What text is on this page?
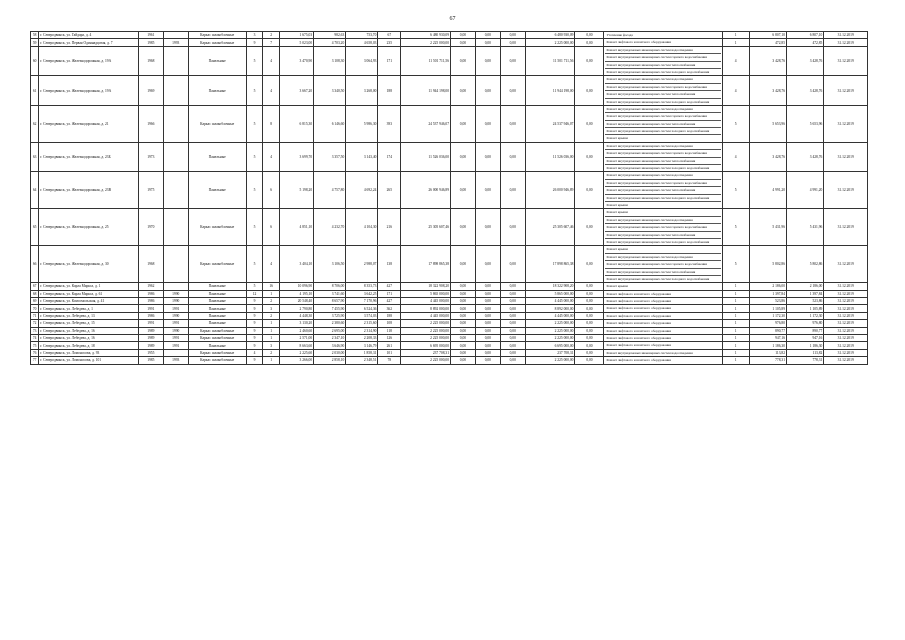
67
58	г. Северодвинск, ул. Гайдара, д. 4	1961		Каркас шлакоблочные	3	2	1 675,03	982,63	753,70	67	6 480 930,09	0,00	0,00	0,00	6 480 930,09	0,00	Утепление фасада	1	6 807,10	6 807,10	31.12.2019
59	г. Северодвинск, ул. Первая Одиннадцатая, д. 7	1985	1993	Каркас шлакоблочные	9	7	5 023,00	4 703,20	4 658,03	235	2 225 000,00	0,00	0,00	0,00	2 225 000,00	0,00	Ремонт лифтового и шахтного оборудования	1	472,85	472,85	31.12.2019
60	г. Северодвинск, ул. Железнодорожная, д. 19А	1968		Панельные	5	4	3 470,90	3 108,30	3 064,93	171	11 501 711,56	0,00	0,00	0,00	11 501 711,56	0,00	Ремонт внутридомовых инженерных систем водоотведения
Ремонт внутридомовых инженерных систем горячего водоснабжения
Ремонт внутридомовых инженерных систем теплоснабжения
Ремонт внутридомовых инженерных систем холодного водоснабжения	4	3 428,76	3 428,76	31.12.2019
61	г. Северодвинск, ул. Железнодорожная, д. 19А	1969		Панельные	5	4	3 667,20	3 340,50	3 268,00	188	11 944 198,00	0,00	0,00	0,00	11 944 198,00	0,00	Ремонт внутридомовых инженерных систем водоотведения
Ремонт внутридомовых инженерных систем горячего водоснабжения
Ремонт внутридомовых инженерных систем теплоснабжения
Ремонт внутридомовых инженерных систем холодного водоснабжения	4	3 428,76	3 428,76	31.12.2019
62	г. Северодвинск, ул. Железнодорожная, д. 21	1966		Каркас шлакоблочные	5	8	6 815,30	6 146,60	5 986,30	393	24 537 946,07	0,00	0,00	0,00	24 537 946,07	0,00	Ремонт внутридомовых инженерных систем водоотведения
Ремонт внутридомовых инженерных систем горячего водоснабжения
Ремонт внутридомовых инженерных систем теплоснабжения
Ремонт внутридомовых инженерных систем холодного водоснабжения
Ремонт крыши	5	5 653,96	5 653,96	31.12.2019
63	г. Северодвинск, ул. Железнодорожная, д. 23Б	1973		Панельные	5	4	3 699,70	3 357,50	3 143,40	174	11 526 036,00	0,00	0,00	0,00	11 526 036,00	0,00	Ремонт внутридомовых инженерных систем водоотведения
Ремонт внутридомовых инженерных систем горячего водоснабжения
Ремонт внутридомовых инженерных систем теплоснабжения
Ремонт внутридомовых инженерных систем холодного водоснабжения	4	3 428,76	3 428,76	31.12.2019
64	г. Северодвинск, ул. Железнодорожная, д. 23В	1975		Панельные	5	6	5 198,20	4 757,80	4 692,24	265	26 000 946,89	0,00	0,00	0,00	26 000 946,89	0,00	Ремонт внутридомовых инженерных систем водоотведения
Ремонт внутридомовых инженерных систем горячего водоснабжения
Ремонт внутридомовых инженерных систем теплоснабжения
Ремонт внутридомовых инженерных систем холодного водоснабжения
Ремонт крыши	5	4 991,20	4 991,20	31.12.2019
65	г. Северодвинск, ул. Железнодорожная, д. 25	1970		Каркас шлакоблочные	5	6	4 851,10	4 232,70	4 104,30	216	25 305 607,46	0,00	0,00	0,00	25 305 607,46	0,00	Ремонт крыши
Ремонт внутридомовых инженерных систем водоотведения
Ремонт внутридомовых инженерных систем горячего водоснабжения
Ремонт внутридомовых инженерных систем теплоснабжения
Ремонт внутридомовых инженерных систем холодного водоснабжения	5	5 431,96	5 431,96	31.12.2019
66	г. Северодвинск, ул. Железнодорожная, д. 30	1968		Каркас шлакоблочные	5	4	3 404,10	3 106,50	2 988,07	138	17 898 865,38	0,00	0,00	0,00	17 898 865,38	0,00	Ремонт крыши
Ремонт внутридомовых инженерных систем водоотведения
Ремонт внутридомовых инженерных систем горячего водоснабжения
Ремонт внутридомовых инженерных систем теплоснабжения
Ремонт внутридомовых инженерных систем холодного водоснабжения	5	5 802,86	5 802,86	31.12.2019
67	г. Северодвинск, ул. Карла Маркса, д. 1	1962		Панельные	5	16	10 096,90	8 706,00	8 353,73	427	18 322 908,20	0,00	0,00	0,00	18 322 908,20	0,00	Ремонт крыши	1	2 186,00	2 186,00	31.12.2019
68	г. Северодвинск, ул. Карла Маркса, д. 61	1986	1990	Панельные	12	1	4 195,10	3 741,60	3 642,25	171	5 865 000,00	0,00	0,00	0,00	5 865 000,00	0,00	Ремонт лифтового и шахтного оборудования	1	1 397,84	1 397,84	31.12.2019
69	г. Северодвинск, ул. Комсомольская, д. 41	1986	1990	Панельные	9	2	20 548,40	8 657,90	7 170,96	427	4 445 000,00	0,00	0,00	0,00	4 445 000,00	0,00	Ремонт лифтового и шахтного оборудования	1	523,86	523,86	31.12.2019
70	г. Северодвинск, ул. Лебедева, д. 1	1991	1991	Панельные	9	3	2 790,80	7 455,90	6 524,36	362	8 892 000,00	0,00	0,00	0,00	8 892 000,00	0,00	Ремонт лифтового и шахтного оборудования	1	1 105,89	1 105,89	31.12.2019
71	г. Северодвинск, ул. Лебедева, д. 13	1986	1990	Панельные	9	2	4 448,30	3 725,90	3 574,03	188	4 445 000,00	0,00	0,00	0,00	4 445 000,00	0,00	Ремонт лифтового и шахтного оборудования	1	1 172,30	1 172,30	31.12.2019
72	г. Северодвинск, ул. Лебедева, д. 15	1991	1991	Панельные	9	1	3 130,20	2 380,60	2 315,60	108	2 225 000,00	0,00	0,00	0,00	2 225 000,00	0,00	Ремонт лифтового и шахтного оборудования	1	976,80	976,80	31.12.2019
73	г. Северодвинск, ул. Лебедева, д. 16	1989	1990	Каркас шлакоблочные	9	1	2 460,60	2 695,00	2 314,90	118	2 225 000,00	0,00	0,00	0,00	2 225 000,00	0,00	Ремонт лифтового и шахтного оборудования	1	890,77	890,77	31.12.2019
74	г. Северодвинск, ул. Лебедева, д. 16	1989	1991	Каркас шлакоблочные	9	1	2 571,00	2 347,10	2 208,33	126	2 225 000,00	0,00	0,00	0,00	2 225 000,00	0,00	Ремонт лифтового и шахтного оборудования	1	947,16	947,16	31.12.2019
75	г. Северодвинск, ул. Лебедева, д. 18	1989	1991	Панельные	9	3	8 663,60	3 646,90	3 146,79	261	6 695 000,00	0,00	0,00	0,00	6 695 000,00	0,00	Ремонт лифтового и шахтного оборудования	1	1 186,30	1 186,30	31.12.2019
76	г. Северодвинск, ул. Ломоносова, д. 93	1955		Каркас шлакоблочные	4	2	2 225,60	2 030,00	1 858,31	101	237 708,31	0,00	0,00	0,00	237 708,31	0,00	Ремонт внутридомовых инженерных систем водоотведения	1	113,82	113,82	31.12.2019
77	г. Северодвинск, ул. Ломоносова, д. 101	1985	1993	Каркас шлакоблочные	9	1	3 266,00	2 858,10	2 348,51	78	2 225 000,00	0,00	0,00	0,00	2 225 000,00	0,00	Ремонт лифтового и шахтного оборудования	1	778,31	778,31	31.12.2019
